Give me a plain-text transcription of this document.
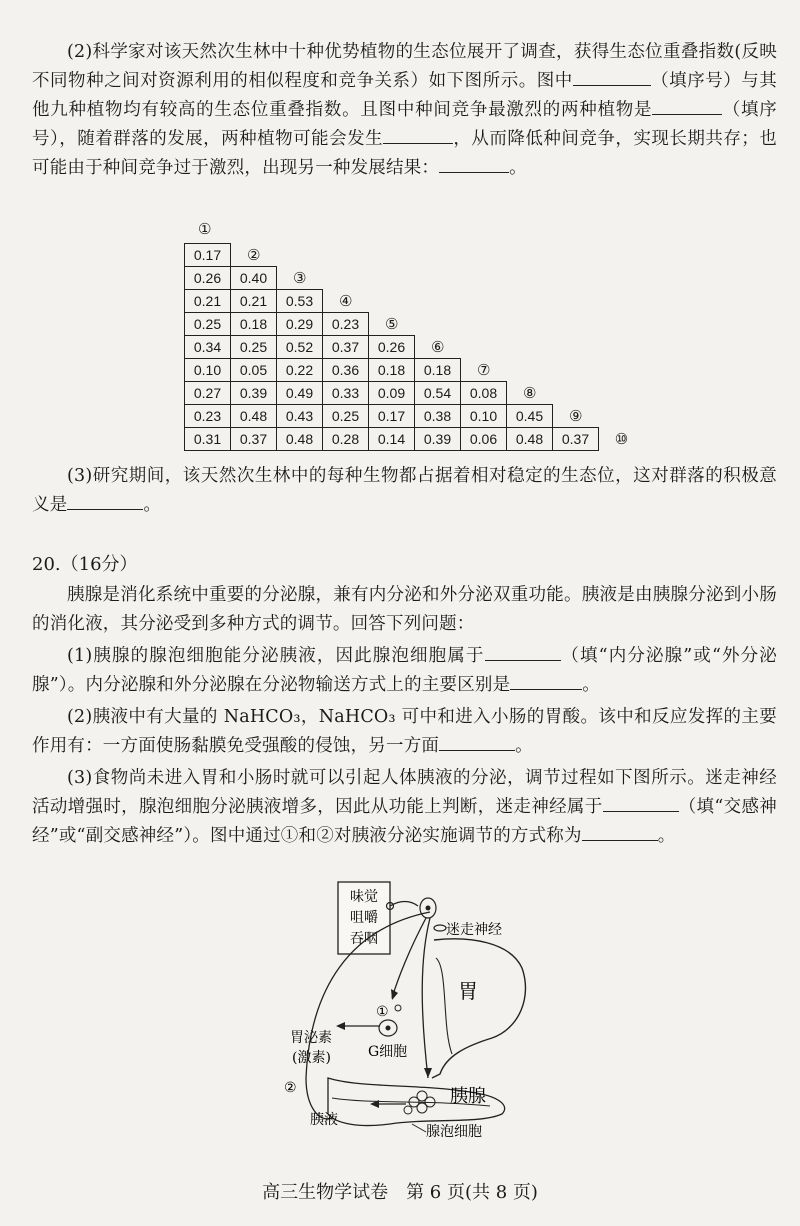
(2)科学家对该天然次生林中十种优势植物的生态位展开了调查，获得生态位重叠指数(反映不同物种之间对资源利用的相似程度和竞争关系）如下图所示。图中	（填序号）与其他九种植物均有较高的生态位重叠指数。且图中种间竞争最激烈的两种植物是	（填序号），随着群落的发展，两种植物可能会发生	，从而降低种间竞争，实现长期共存；也可能由于种间竞争过于激烈，出现另一种发展结果：	。
①
0.17	②								
0.26	0.40	③							
0.21	0.21	0.53	④						
0.25	0.18	0.29	0.23	⑤					
0.34	0.25	0.52	0.37	0.26	⑥				
0.10	0.05	0.22	0.36	0.18	0.18	⑦			
0.27	0.39	0.49	0.33	0.09	0.54	0.08	⑧		
0.23	0.48	0.43	0.25	0.17	0.38	0.10	0.45	⑨	
0.31	0.37	0.48	0.28	0.14	0.39	0.06	0.48	0.37	⑩
(3)研究期间，该天然次生林中的每种生物都占据着相对稳定的生态位，这对群落的积极意义是	。
20.（16分）
胰腺是消化系统中重要的分泌腺，兼有内分泌和外分泌双重功能。胰液是由胰腺分泌到小肠的消化液，其分泌受到多种方式的调节。回答下列问题：
(1)胰腺的腺泡细胞能分泌胰液，因此腺泡细胞属于	（填“内分泌腺”或“外分泌腺”）。内分泌腺和外分泌腺在分泌物输送方式上的主要区别是	。
(2)胰液中有大量的 NaHCO₃，NaHCO₃ 可中和进入小肠的胃酸。该中和反应发挥的主要作用有：一方面使肠黏膜免受强酸的侵蚀，另一方面	。
(3)食物尚未进入胃和小肠时就可以引起人体胰液的分泌，调节过程如下图所示。迷走神经活动增强时，腺泡细胞分泌胰液增多，因此从功能上判断，迷走神经属于	（填“交感神经”或“副交感神经”）。图中通过①和②对胰液分泌实施调节的方式称为	。
味觉
咀嚼
吞咽
迷走神经
胃
①
G细胞
胃泌素
(激素)
②	胰腺
胰液
腺泡细胞
高三生物学试卷　第 6 页(共 8 页)
